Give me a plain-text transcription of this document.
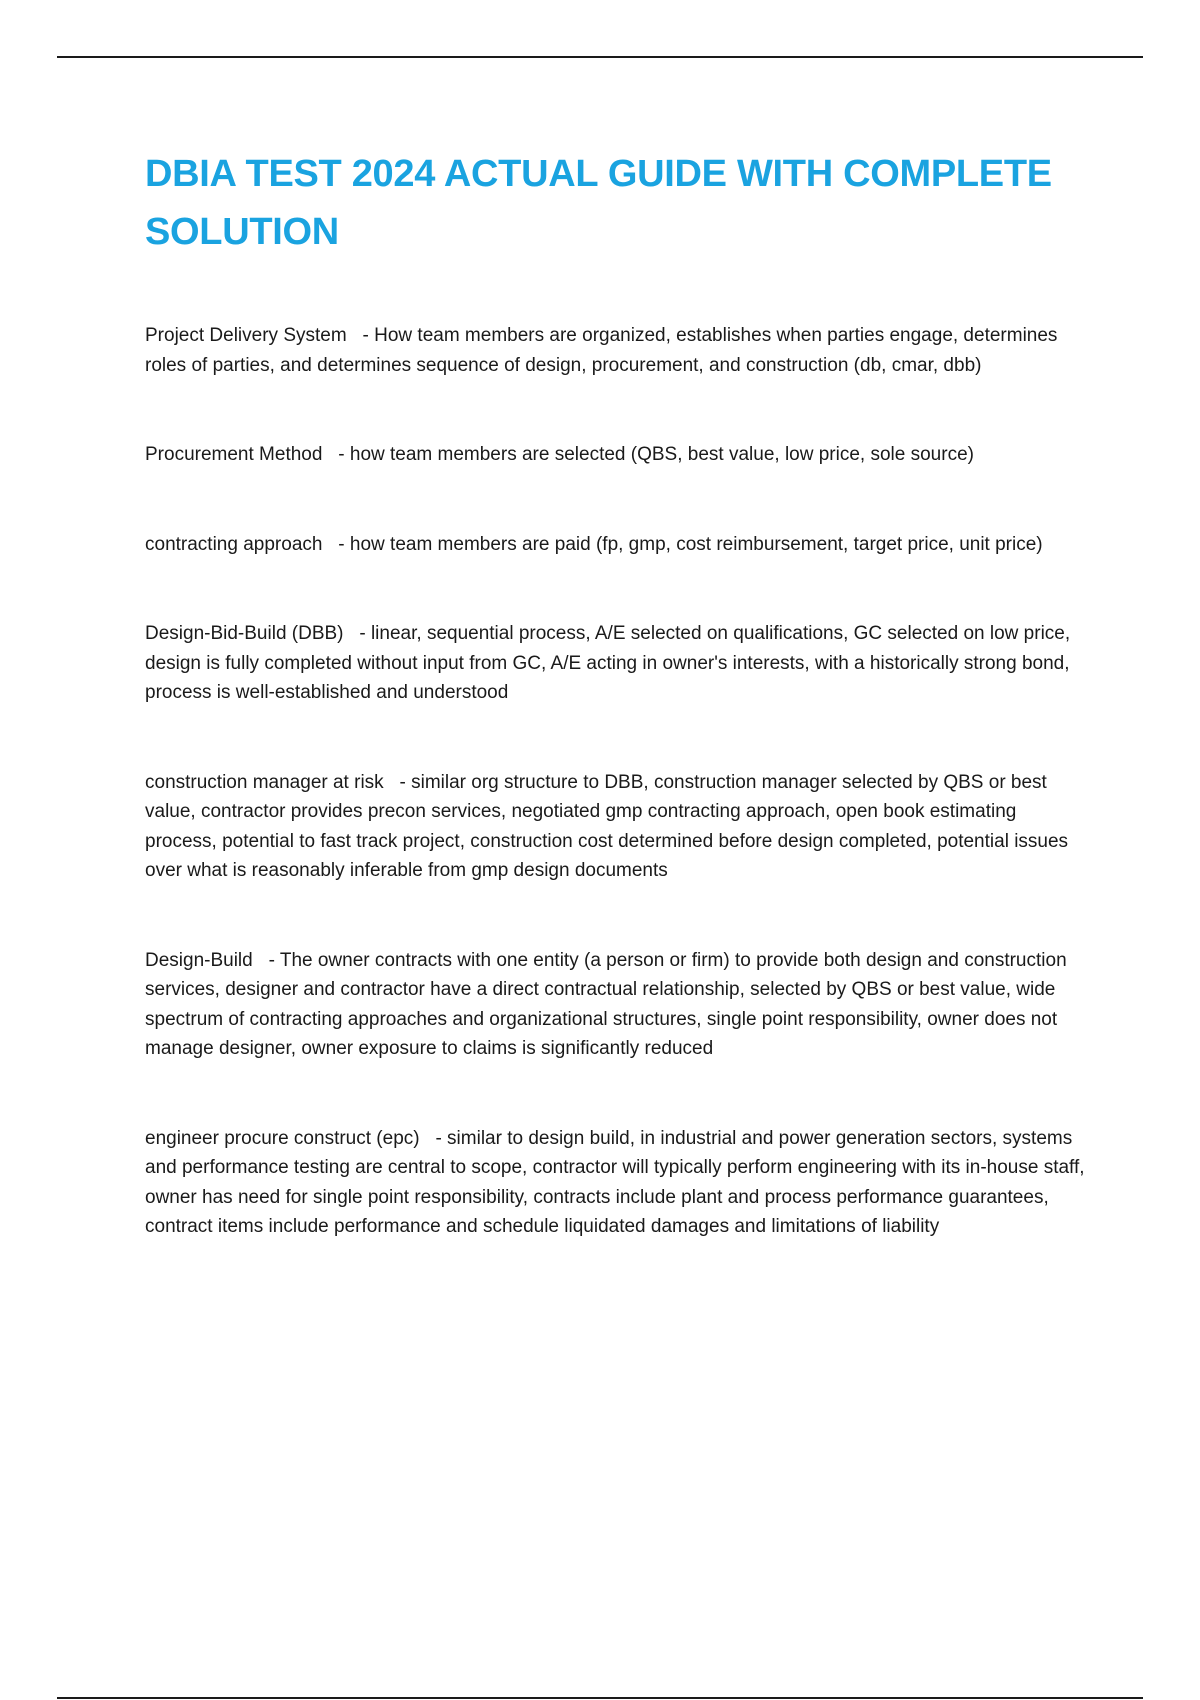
DBIA TEST 2024 ACTUAL GUIDE WITH COMPLETE SOLUTION

Project Delivery System - How team members are organized, establishes when parties engage, determines roles of parties, and determines sequence of design, procurement, and construction (db, cmar, dbb)

Procurement Method - how team members are selected (QBS, best value, low price, sole source)

contracting approach - how team members are paid (fp, gmp, cost reimbursement, target price, unit price)

Design-Bid-Build (DBB) - linear, sequential process, A/E selected on qualifications, GC selected on low price, design is fully completed without input from GC, A/E acting in owner's interests, with a historically strong bond, process is well-established and understood

construction manager at risk - similar org structure to DBB, construction manager selected by QBS or best value, contractor provides precon services, negotiated gmp contracting approach, open book estimating process, potential to fast track project, construction cost determined before design completed, potential issues over what is reasonably inferable from gmp design documents

Design-Build - The owner contracts with one entity (a person or firm) to provide both design and construction services, designer and contractor have a direct contractual relationship, selected by QBS or best value, wide spectrum of contracting approaches and organizational structures, single point responsibility, owner does not manage designer, owner exposure to claims is significantly reduced

engineer procure construct (epc) - similar to design build, in industrial and power generation sectors, systems and performance testing are central to scope, contractor will typically perform engineering with its in-house staff, owner has need for single point responsibility, contracts include plant and process performance guarantees, contract items include performance and schedule liquidated damages and limitations of liability
